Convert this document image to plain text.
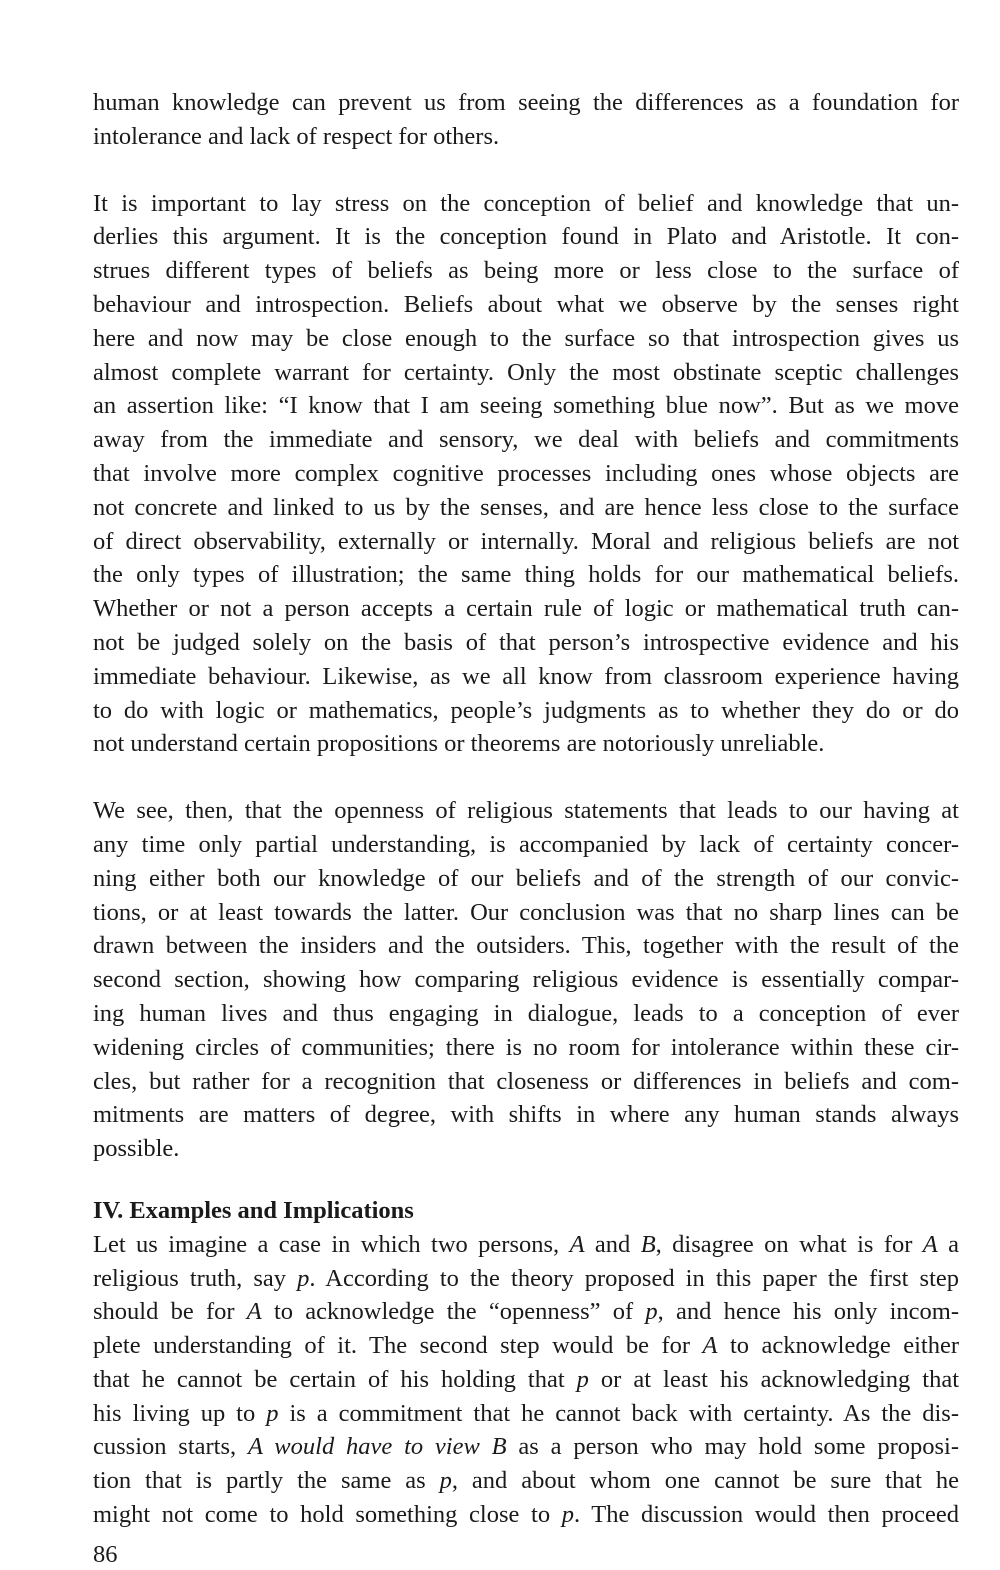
human knowledge can prevent us from seeing the differences as a foundation for
intolerance and lack of respect for others.
It is important to lay stress on the conception of belief and knowledge that un-
derlies this argument. It is the conception found in Plato and Aristotle. It con-
strues different types of beliefs as being more or less close to the surface of
behaviour and introspection. Beliefs about what we observe by the senses right
here and now may be close enough to the surface so that introspection gives us
almost complete warrant for certainty. Only the most obstinate sceptic challenges
an assertion like: “I know that I am seeing something blue now”. But as we move
away from the immediate and sensory, we deal with beliefs and commitments
that involve more complex cognitive processes including ones whose objects are
not concrete and linked to us by the senses, and are hence less close to the surface
of direct observability, externally or internally. Moral and religious beliefs are not
the only types of illustration; the same thing holds for our mathematical beliefs.
Whether or not a person accepts a certain rule of logic or mathematical truth can-
not be judged solely on the basis of that person’s introspective evidence and his
immediate behaviour. Likewise, as we all know from classroom experience having
to do with logic or mathematics, people’s judgments as to whether they do or do
not understand certain propositions or theorems are notoriously unreliable.
We see, then, that the openness of religious statements that leads to our having at
any time only partial understanding, is accompanied by lack of certainty concer-
ning either both our knowledge of our beliefs and of the strength of our convic-
tions, or at least towards the latter. Our conclusion was that no sharp lines can be
drawn between the insiders and the outsiders. This, together with the result of the
second section, showing how comparing religious evidence is essentially compar-
ing human lives and thus engaging in dialogue, leads to a conception of ever
widening circles of communities; there is no room for intolerance within these cir-
cles, but rather for a recognition that closeness or differences in beliefs and com-
mitments are matters of degree, with shifts in where any human stands always
possible.
IV. Examples and Implications
Let us imagine a case in which two persons, A and B, disagree on what is for A a
religious truth, say p. According to the theory proposed in this paper the first step
should be for A to acknowledge the “openness” of p, and hence his only incom-
plete understanding of it. The second step would be for A to acknowledge either
that he cannot be certain of his holding that p or at least his acknowledging that
his living up to p is a commitment that he cannot back with certainty. As the dis-
cussion starts, A would have to view B as a person who may hold some proposi-
tion that is partly the same as p, and about whom one cannot be sure that he
might not come to hold something close to p. The discussion would then proceed
86
